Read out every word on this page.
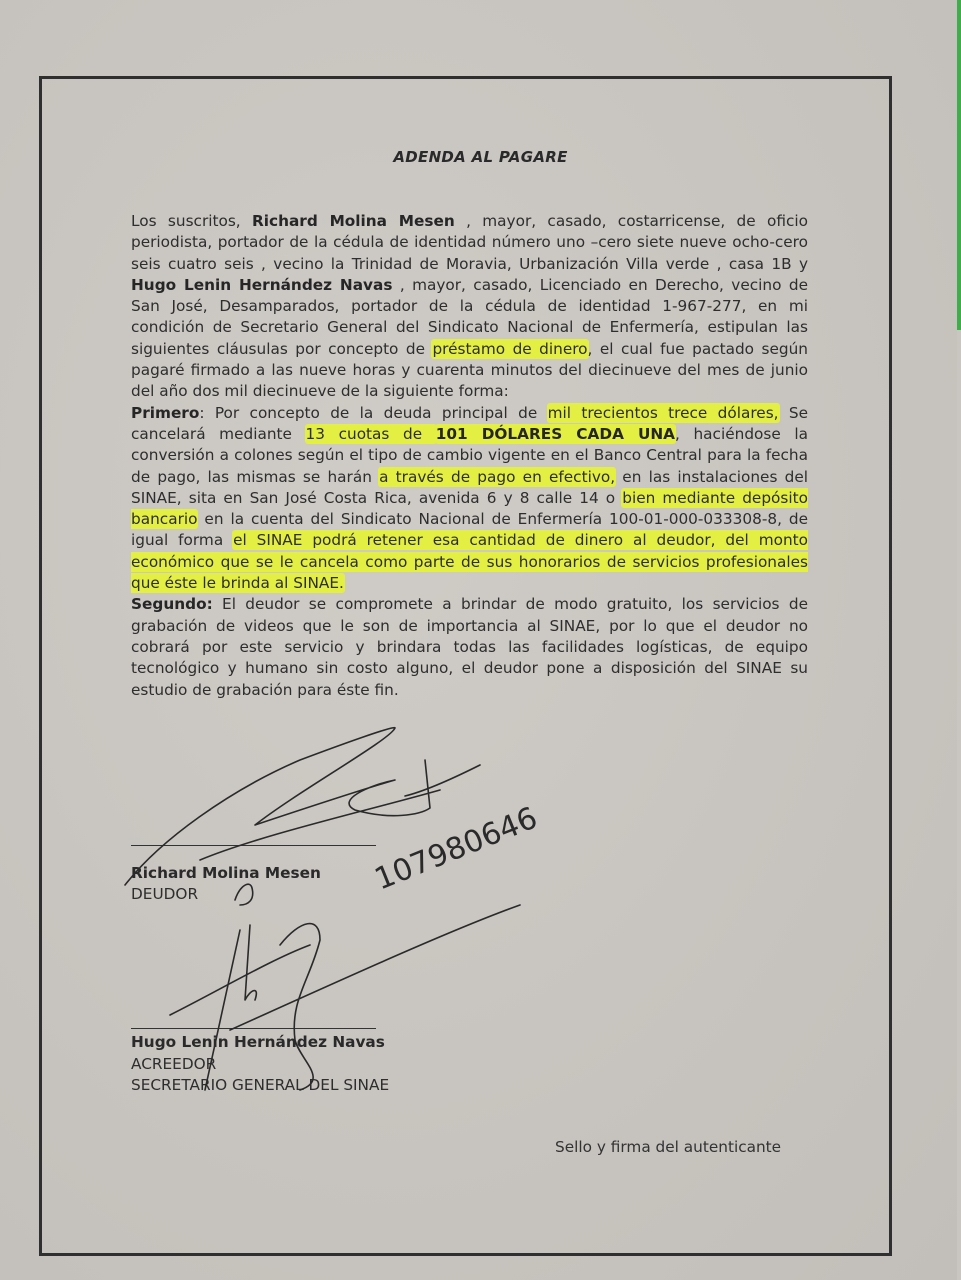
ADENDA AL PAGARE

Los suscritos, Richard Molina Mesen , mayor, casado, costarricense, de oficio periodista, portador de la cédula de identidad número uno –cero siete nueve ocho-cero seis cuatro seis , vecino la Trinidad de Moravia, Urbanización Villa verde , casa 1B y Hugo Lenin Hernández Navas , mayor, casado, Licenciado en Derecho, vecino de San José, Desamparados, portador de la cédula de identidad 1-967-277, en mi condición de Secretario General del Sindicato Nacional de Enfermería, estipulan las siguientes cláusulas por concepto de préstamo de dinero, el cual fue pactado según pagaré firmado a las nueve horas y cuarenta minutos del diecinueve del mes de junio del año dos mil diecinueve de la siguiente forma:

Primero: Por concepto de la deuda principal de mil trecientos trece dólares, Se cancelará mediante 13 cuotas de 101 DÓLARES CADA UNA, haciéndose la conversión a colones según el tipo de cambio vigente en el Banco Central para la fecha de pago, las mismas se harán a través de pago en efectivo, en las instalaciones del SINAE, sita en San José Costa Rica, avenida 6 y 8 calle 14 o bien mediante depósito bancario en la cuenta del Sindicato Nacional de Enfermería 100-01-000-033308-8, de igual forma el SINAE podrá retener esa cantidad de dinero al deudor, del monto económico que se le cancela como parte de sus honorarios de servicios profesionales que éste le brinda al SINAE.

Segundo: El deudor se compromete a brindar de modo gratuito, los servicios de grabación de videos que le son de importancia al SINAE, por lo que el deudor no cobrará por este servicio y brindara todas las facilidades logísticas, de equipo tecnológico y humano sin costo alguno, el deudor pone a disposición del SINAE su estudio de grabación para éste fin.

Richard Molina Mesen
DEUDOR
Hugo Lenin Hernández Navas
ACREEDOR
SECRETARIO GENERAL DEL SINAE
Sello y firma del autenticante
107980646
